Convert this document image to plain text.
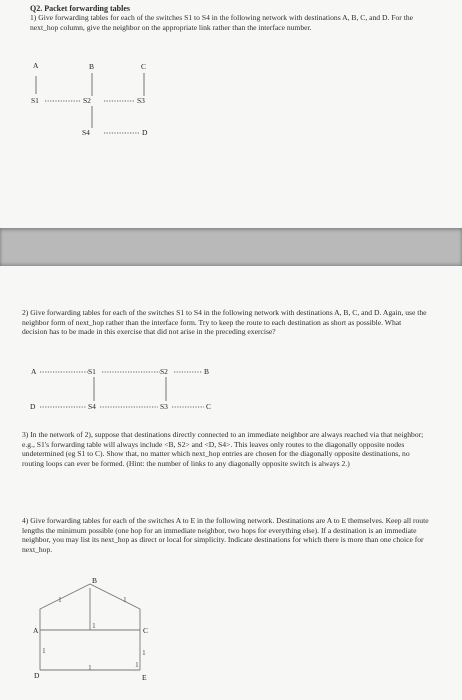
Q2. Packet forwarding tables
1) Give forwarding tables for each of the switches S1 to S4 in the following network with destinations A, B, C, and D. For the next_hop column, give the neighbor on the appropriate link rather than the interface number.
A	B	C
S1	S2	S3
S4	D
2) Give forwarding tables for each of the switches S1 to S4 in the following network with destinations A, B, C, and D. Again, use the neighbor form of next_hop rather than the interface form. Try to keep the route to each destination as short as possible. What decision has to be made in this exercise that did not arise in the preceding exercise?
A	S1	S2	B
D	S4	S3	C
3) In the network of 2), suppose that destinations directly connected to an immediate neighbor are always reached via that neighbor; e.g., S1's forwarding table will always include <B, S2> and <D, S4>. This leaves only routes to the diagonally opposite nodes undetermined (eg S1 to C). Show that, no matter which next_hop entries are chosen for the diagonally opposite destinations, no routing loops can ever be formed. (Hint: the number of links to any diagonally opposite switch is always 2.)
4) Give forwarding tables for each of the switches A to E in the following network. Destinations are A to E themselves. Keep all route lengths the minimum possible (one hop for an immediate neighbor, two hops for everything else). If a destination is an immediate neighbor, you may list its next_hop as direct or local for simplicity. Indicate destinations for which there is more than one choice for next_hop.
A
B
C
D	E
1	1
1
1	1
1	1
